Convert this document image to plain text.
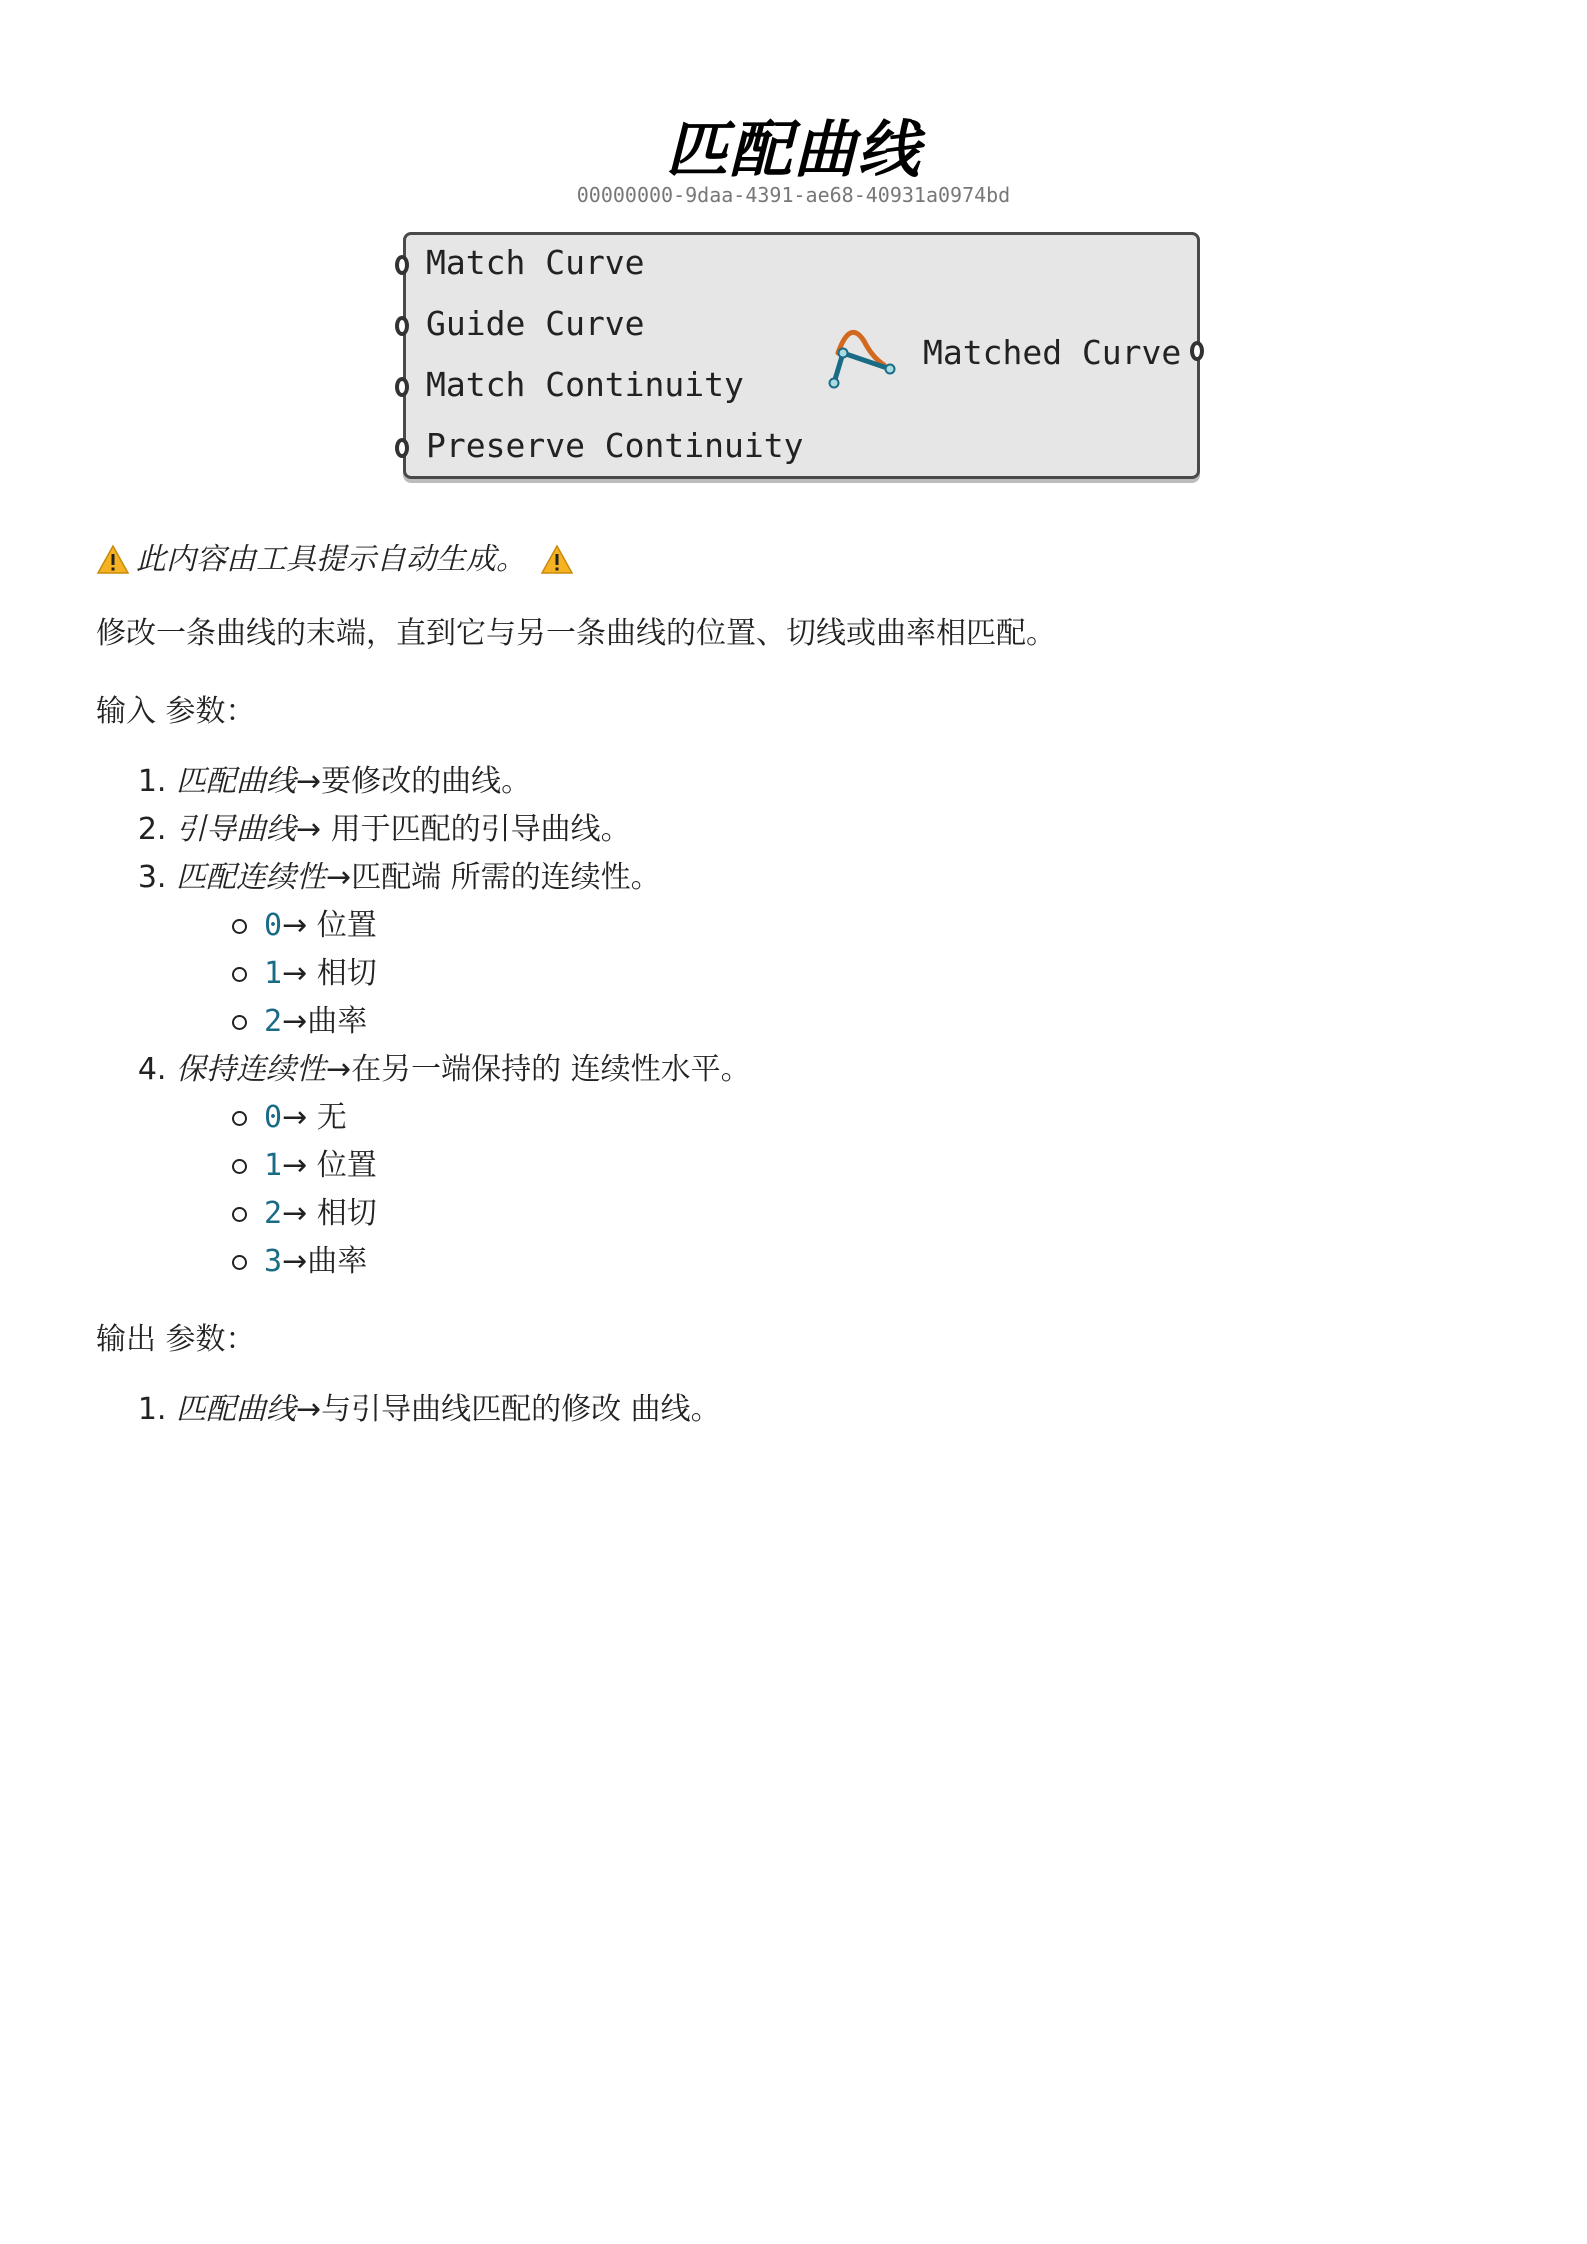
匹配曲线
00000000-9daa-4391-ae68-40931a0974bd
Match Curve
Guide Curve
Match Continuity
Preserve Continuity
Matched Curve
此内容由工具提示自动生成。
修改一条曲线的末端，直到它与另一条曲线的位置、切线或曲率相匹配。
输入 参数：
1. 匹配曲线→要修改的曲线。
2. 引导曲线→ 用于匹配的引导曲线。
3. 匹配连续性→匹配端 所需的连续性。
0→ 位置
1→ 相切
2→曲率
4. 保持连续性→在另一端保持的 连续性水平。
0→ 无
1→ 位置
2→ 相切
3→曲率
输出 参数：
1. 匹配曲线→与引导曲线匹配的修改 曲线。
